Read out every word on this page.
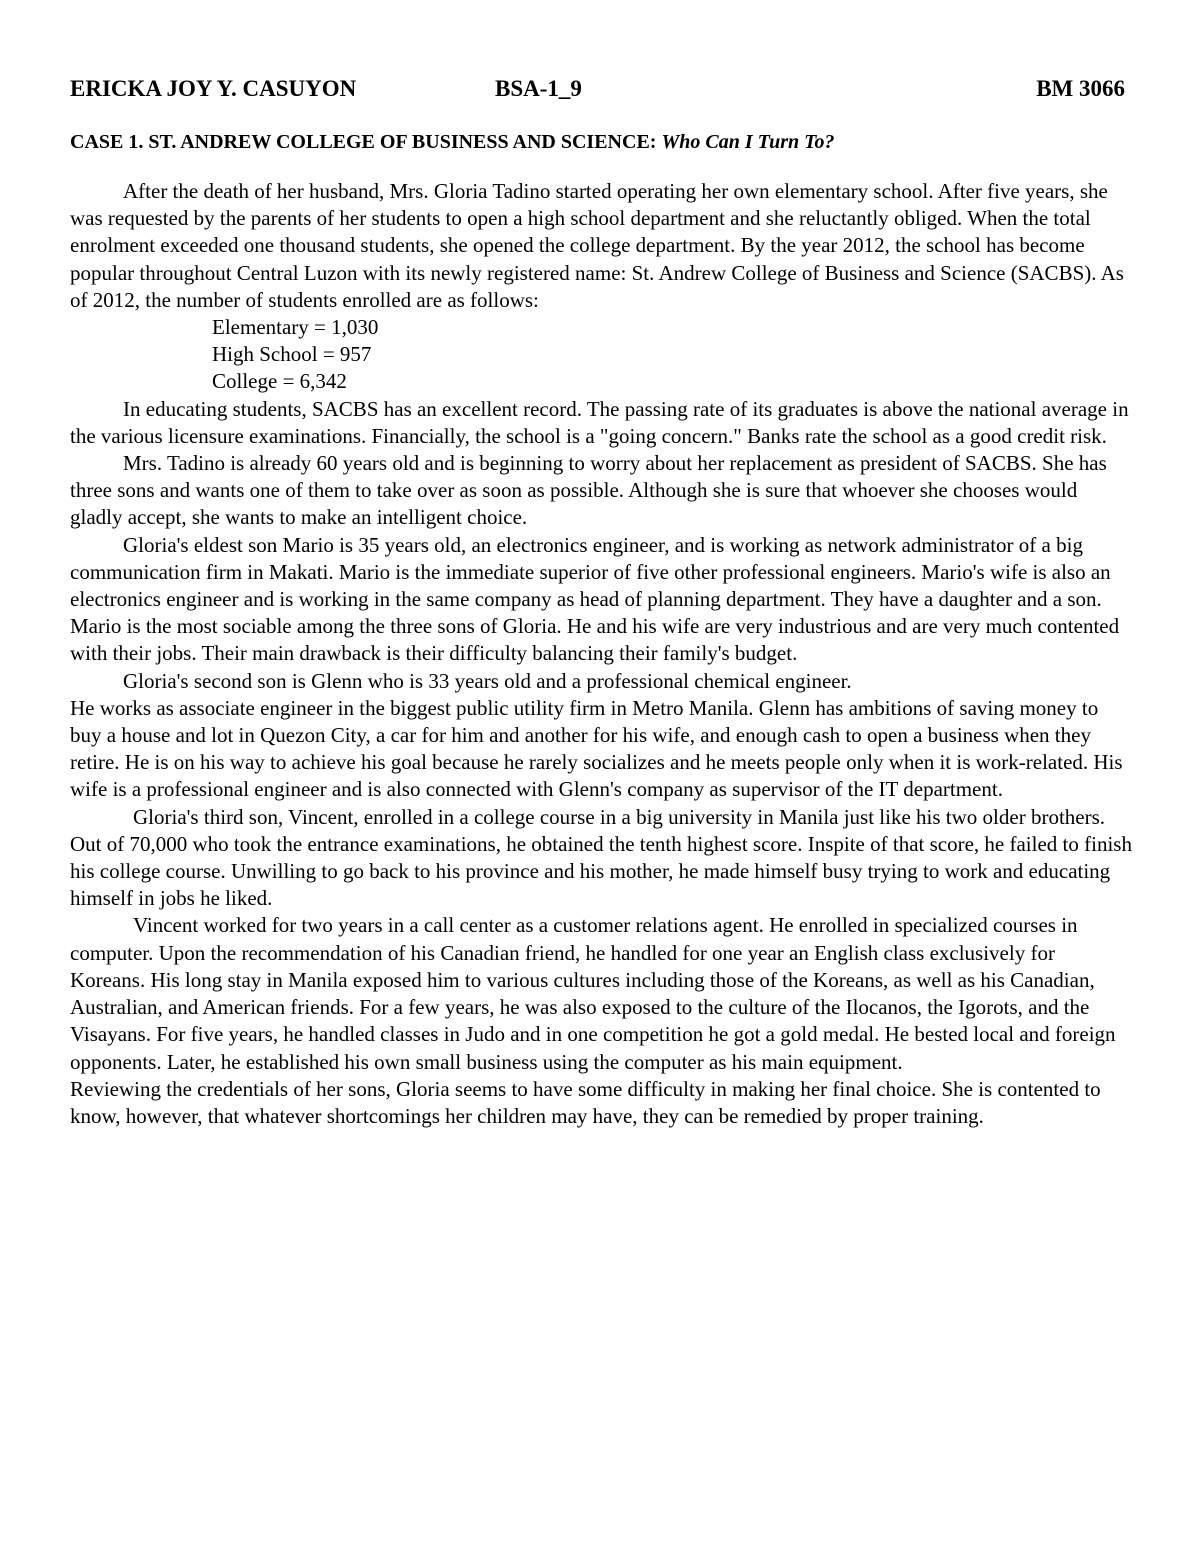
ERICKA JOY Y. CASUYON	BSA-1_9	BM 3066
CASE 1. ST. ANDREW COLLEGE OF BUSINESS AND SCIENCE: Who Can I Turn To?

After the death of her husband, Mrs. Gloria Tadino started operating her own elementary school. After five years, she was requested by the parents of her students to open a high school department and she reluctantly obliged. When the total enrolment exceeded one thousand students, she opened the college department. By the year 2012, the school has become popular throughout Central Luzon with its newly registered name: St. Andrew College of Business and Science (SACBS). As of 2012, the number of students enrolled are as follows:

Elementary = 1,030

High School = 957

College = 6,342

In educating students, SACBS has an excellent record. The passing rate of its graduates is above the national average in the various licensure examinations. Financially, the school is a "going concern." Banks rate the school as a good credit risk.

Mrs. Tadino is already 60 years old and is beginning to worry about her replacement as president of SACBS. She has three sons and wants one of them to take over as soon as possible. Although she is sure that whoever she chooses would gladly accept, she wants to make an intelligent choice.

Gloria's eldest son Mario is 35 years old, an electronics engineer, and is working as network administrator of a big communication firm in Makati. Mario is the immediate superior of five other professional engineers. Mario's wife is also an electronics engineer and is working in the same company as head of planning department. They have a daughter and a son. Mario is the most sociable among the three sons of Gloria. He and his wife are very industrious and are very much contented with their jobs. Their main drawback is their difficulty balancing their family's budget.

Gloria's second son is Glenn who is 33 years old and a professional chemical engineer.

He works as associate engineer in the biggest public utility firm in Metro Manila. Glenn has ambitions of saving money to buy a house and lot in Quezon City, a car for him and another for his wife, and enough cash to open a business when they retire. He is on his way to achieve his goal because he rarely socializes and he meets people only when it is work-related. His wife is a professional engineer and is also connected with Glenn's company as supervisor of the IT department.

Gloria's third son, Vincent, enrolled in a college course in a big university in Manila just like his two older brothers. Out of 70,000 who took the entrance examinations, he obtained the tenth highest score. Inspite of that score, he failed to finish his college course. Unwilling to go back to his province and his mother, he made himself busy trying to work and educating himself in jobs he liked.

Vincent worked for two years in a call center as a customer relations agent. He enrolled in specialized courses in computer. Upon the recommendation of his Canadian friend, he handled for one year an English class exclusively for Koreans. His long stay in Manila exposed him to various cultures including those of the Koreans, as well as his Canadian, Australian, and American friends. For a few years, he was also exposed to the culture of the Ilocanos, the Igorots, and the Visayans. For five years, he handled classes in Judo and in one competition he got a gold medal. He bested local and foreign opponents. Later, he established his own small business using the computer as his main equipment.

Reviewing the credentials of her sons, Gloria seems to have some difficulty in making her final choice. She is contented to know, however, that whatever shortcomings her children may have, they can be remedied by proper training.
